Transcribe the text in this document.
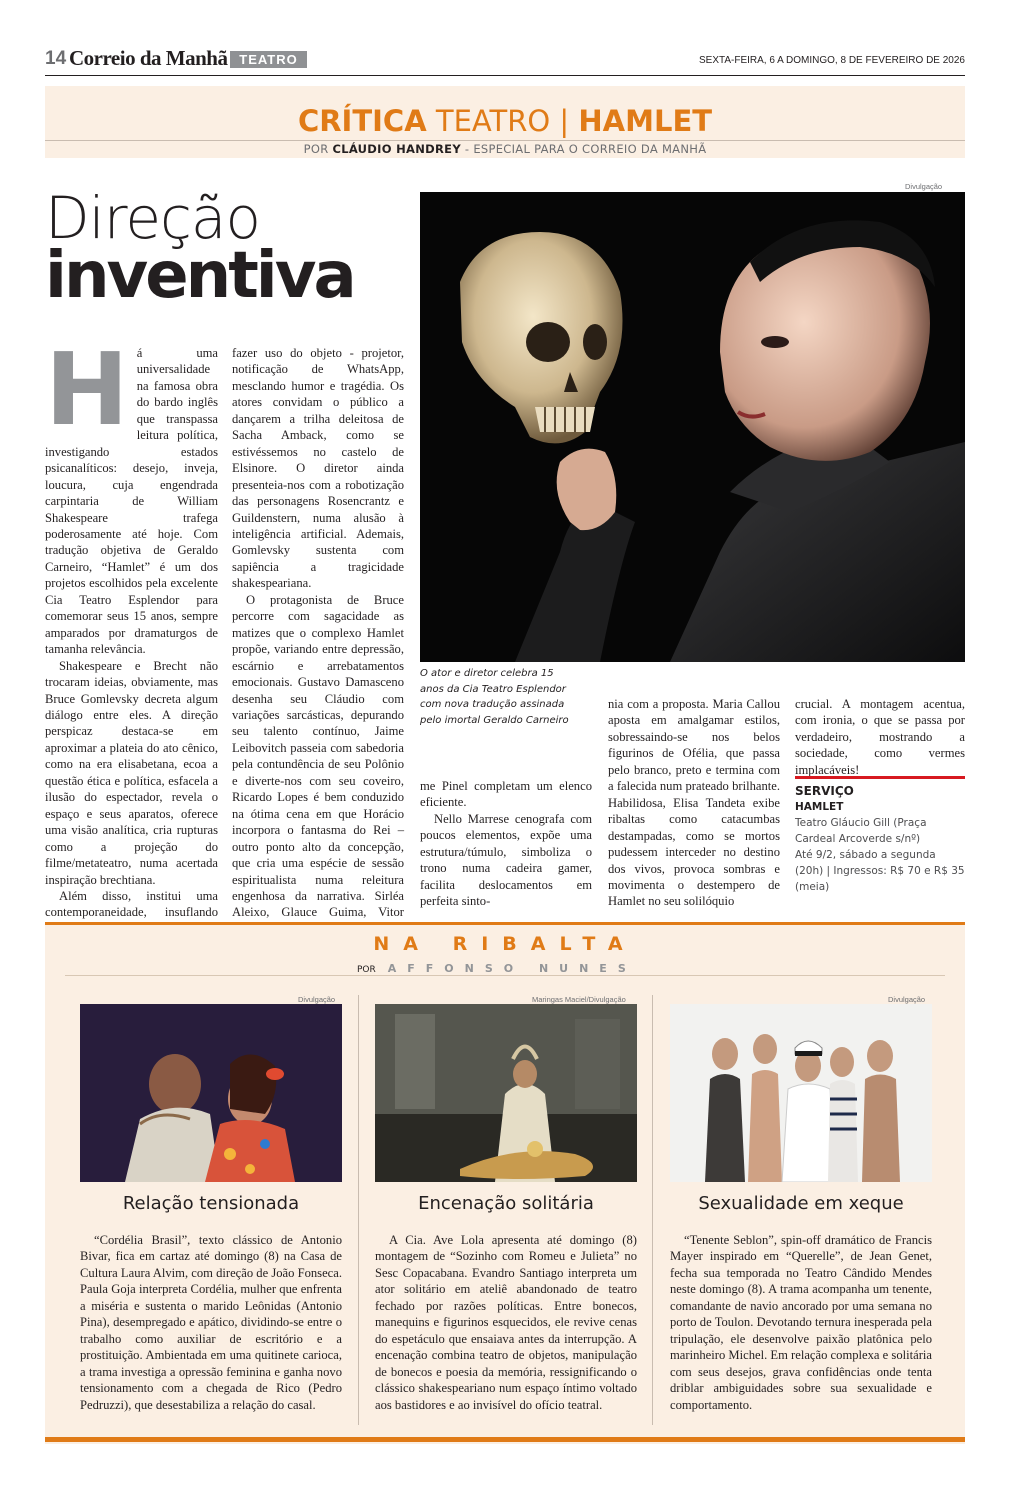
14 Correio da Manhã TEATRO	SEXTA-FEIRA, 6 A DOMINGO, 8 DE FEVEREIRO DE 2026
CRÍTICA TEATRO | HAMLET
POR CLÁUDIO HANDREY - ESPECIAL PARA O CORREIO DA MANHÃ
Direção
inventiva
Divulgação
O ator e diretor celebra 15 anos da Cia Teatro Esplendor com nova tradução assinada pelo imortal Geraldo Carneiro
H á uma universalidade na famosa obra do bardo inglês que transpassa leitura política, investigando estados psicanalíticos: desejo, inveja, loucura, cuja engendrada carpintaria de William Shakespeare trafega poderosamente até hoje. Com tradução objetiva de Geraldo Carneiro, “Hamlet” é um dos projetos escolhidos pela excelente Cia Teatro Esplendor para comemorar seus 15 anos, sempre amparados por dramaturgos de tamanha relevância.

Shakespeare e Brecht não trocaram ideias, obviamente, mas Bruce Gomlevsky decreta algum diálogo entre eles. A direção perspicaz destaca-se em aproximar a plateia do ato cênico, como na era elisabetana, ecoa a questão ética e política, esfacela a ilusão do espectador, revela o espaço e seus aparatos, oferece uma visão analítica, cria rupturas como a projeção do filme/metateatro, numa acertada inspiração brechtiana.

Além disso, institui uma contemporaneidade, insuflando

fazer uso do objeto - projetor, notificação de WhatsApp, mesclando humor e tragédia. Os atores convidam o público a dançarem a trilha deleitosa de Sacha Amback, como se estivéssemos no castelo de Elsinore. O diretor ainda presenteia-nos com a robotização das personagens Rosencrantz e Guildenstern, numa alusão à inteligência artificial. Ademais, Gomlevsky sustenta com sapiência a tragicidade shakespeariana.

O protagonista de Bruce percorre com sagacidade as matizes que o complexo Hamlet propõe, variando entre depressão, escárnio e arrebatamentos emocionais. Gustavo Damasceno desenha seu Cláudio com variações sarcásticas, depurando seu talento contínuo, Jaime Leibovitch passeia com sabedoria pela contundência de seu Polônio e diverte-nos com seu coveiro, Ricardo Lopes é bem conduzido na ótima cena em que Horácio incorpora o fantasma do Rei – outro ponto alto da concepção, que cria uma espécie de sessão espiritualista numa releitura engenhosa da narrativa. Sirléa Aleixo, Glauce Guima, Vitor

me Pinel completam um elenco eficiente.

Nello Marrese cenografa com poucos elementos, expõe uma estrutura/túmulo, simboliza o trono numa cadeira gamer, facilita deslocamentos em perfeita sinto-

nia com a proposta. Maria Callou aposta em amalgamar estilos, sobressaindo-se nos belos figurinos de Ofélia, que passa pelo branco, preto e termina com a falecida num prateado brilhante. Habilidosa, Elisa Tandeta exibe ribaltas como catacumbas destampadas, como se mortos pudessem interceder no destino dos vivos, provoca sombras e movimenta o destempero de Hamlet no seu solilóquio

crucial. A montagem acentua, com ironia, o que se passa por verdadeiro, mostrando a sociedade, como vermes implacáveis!

SERVIÇO
HAMLET
Teatro Gláucio Gill (Praça Cardeal Arcoverde s/nº)
Até 9/2, sábado a segunda (20h) | Ingressos: R$ 70 e R$ 35 (meia)
NA RIBALTA
POR AFFONSO NUNES
Divulgação
Relação tensionada

“Cordélia Brasil”, texto clássico de Antonio Bivar, fica em cartaz até domingo (8) na Casa de Cultura Laura Alvim, com direção de João Fonseca. Paula Goja interpreta Cordélia, mulher que enfrenta a miséria e sustenta o marido Leônidas (Antonio Pina), desempregado e apático, dividindo-se entre o trabalho como auxiliar de escritório e a prostituição. Ambientada em uma quitinete carioca, a trama investiga a opressão feminina e ganha novo tensionamento com a chegada de Rico (Pedro Pedruzzi), que desestabiliza a relação do casal.

Maringas Maciel/Divulgação
Encenação solitária

A Cia. Ave Lola apresenta até domingo (8) montagem de “Sozinho com Romeu e Julieta” no Sesc Copacabana. Evandro Santiago interpreta um ator solitário em ateliê abandonado de teatro fechado por razões políticas. Entre bonecos, manequins e figurinos esquecidos, ele revive cenas do espetáculo que ensaiava antes da interrupção. A encenação combina teatro de objetos, manipulação de bonecos e poesia da memória, ressignificando o clássico shakespeariano num espaço íntimo voltado aos bastidores e ao invisível do ofício teatral.

Divulgação
Sexualidade em xeque

“Tenente Seblon”, spin-off dramático de Francis Mayer inspirado em “Querelle”, de Jean Genet, fecha sua temporada no Teatro Cândido Mendes neste domingo (8). A trama acompanha um tenente, comandante de navio ancorado por uma semana no porto de Toulon. Devotando ternura inesperada pela tripulação, ele desenvolve paixão platônica pelo marinheiro Michel. Em relação complexa e solitária com seus desejos, grava confidências onde tenta driblar ambiguidades sobre sua sexualidade e comportamento.
